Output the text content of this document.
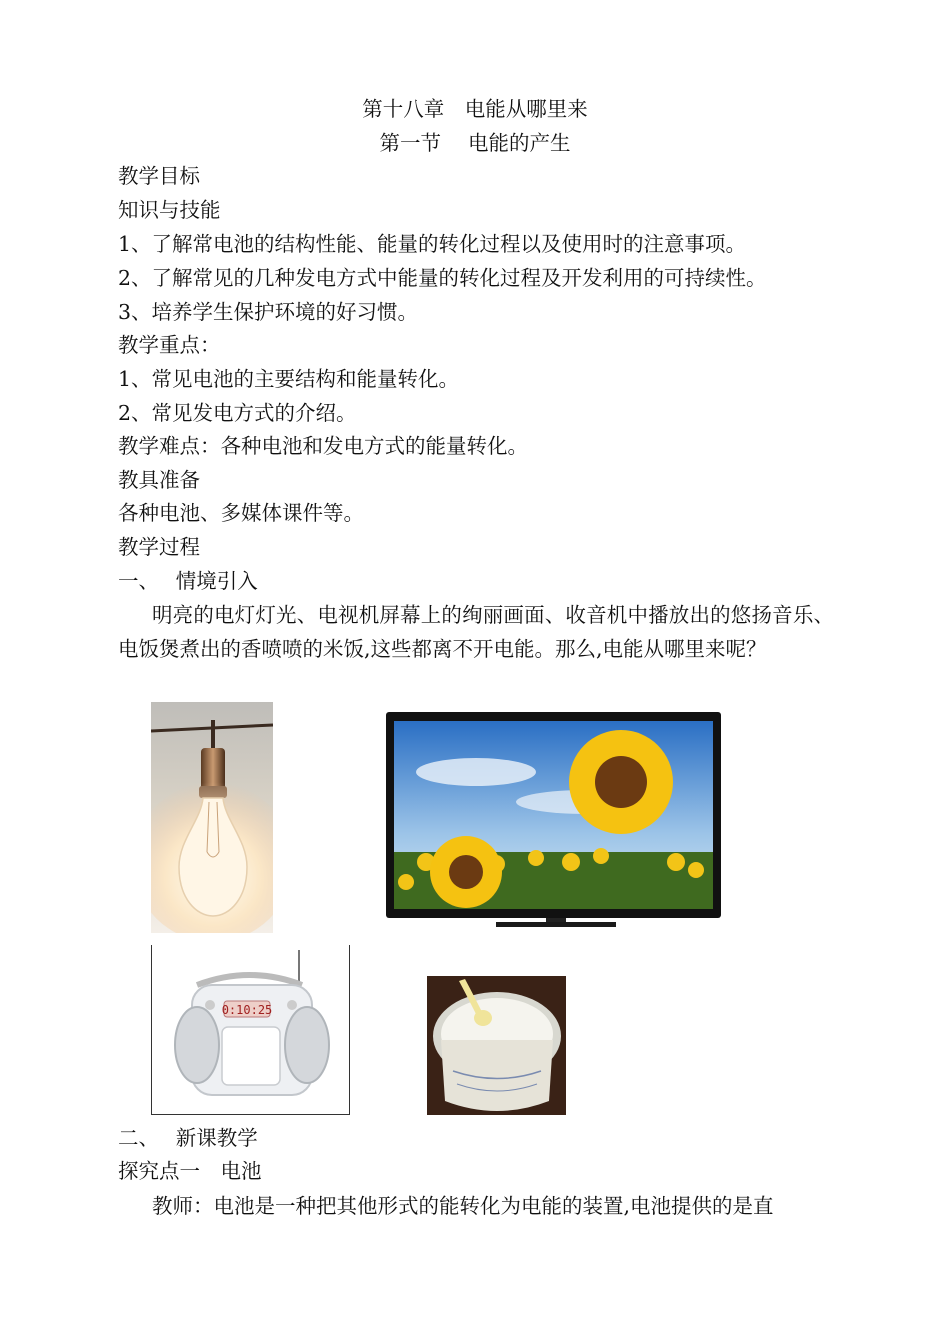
第十八章　电能从哪里来
第一节　 电能的产生
教学目标
知识与技能
1、了解常电池的结构性能、能量的转化过程以及使用时的注意事项。
2、了解常见的几种发电方式中能量的转化过程及开发利用的可持续性。
3、培养学生保护环境的好习惯。
教学重点：
1、常见电池的主要结构和能量转化。
2、常见发电方式的介绍。
教学难点：各种电池和发电方式的能量转化。
教具准备
各种电池、多媒体课件等。
教学过程
一、　 情境引入
明亮的电灯灯光、电视机屏幕上的绚丽画面、收音机中播放出的悠扬音乐、电饭煲煮出的香喷喷的米饭,这些都离不开电能。那么,电能从哪里来呢？
0:10:25
二、　 新课教学
探究点一　电池
教师：电池是一种把其他形式的能转化为电能的装置,电池提供的是直
